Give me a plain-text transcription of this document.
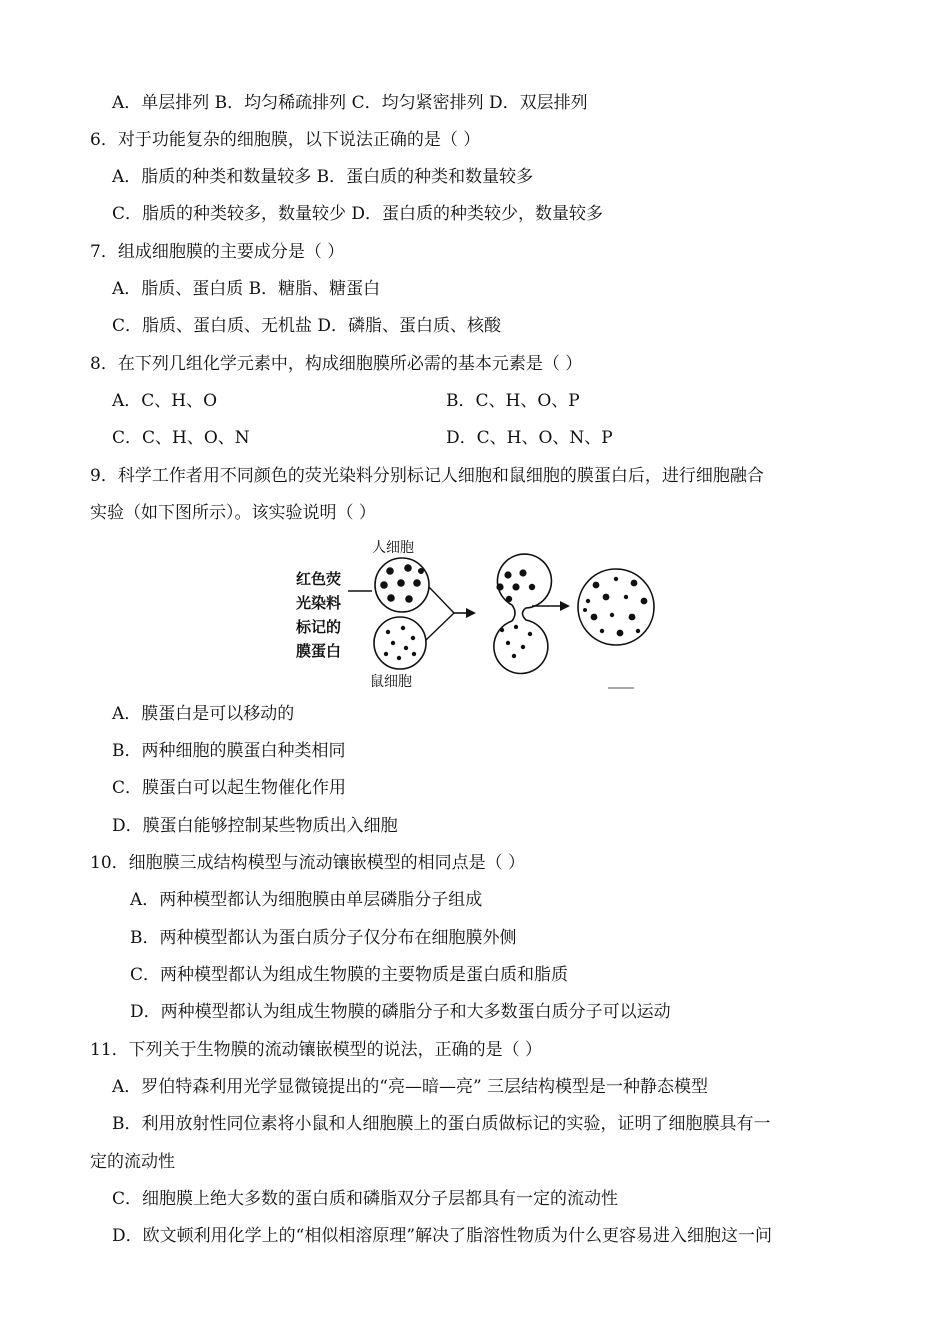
A．单层排列 B．均匀稀疏排列 C．均匀紧密排列 D．双层排列
6．对于功能复杂的细胞膜，以下说法正确的是（ ）
A．脂质的种类和数量较多 B．蛋白质的种类和数量较多
C．脂质的种类较多，数量较少 D．蛋白质的种类较少，数量较多
7．组成细胞膜的主要成分是（ ）
A．脂质、蛋白质 B．糖脂、糖蛋白
C．脂质、蛋白质、无机盐 D．磷脂、蛋白质、核酸
8．在下列几组化学元素中，构成细胞膜所必需的基本元素是（ ）
A．C、H、O	B．C、H、O、P
C．C、H、O、N	D．C、H、O、N、P
9．科学工作者用不同颜色的荧光染料分别标记人细胞和鼠细胞的膜蛋白后，进行细胞融合
实验（如下图所示）。该实验说明（ ）
人细胞
鼠细胞
红色荧
光染料
标记的
膜蛋白
A．膜蛋白是可以移动的
B．两种细胞的膜蛋白种类相同
C．膜蛋白可以起生物催化作用
D．膜蛋白能够控制某些物质出入细胞
10．细胞膜三成结构模型与流动镶嵌模型的相同点是（ ）
A．两种模型都认为细胞膜由单层磷脂分子组成
B．两种模型都认为蛋白质分子仅分布在细胞膜外侧
C．两种模型都认为组成生物膜的主要物质是蛋白质和脂质
D．两种模型都认为组成生物膜的磷脂分子和大多数蛋白质分子可以运动
11．下列关于生物膜的流动镶嵌模型的说法，正确的是（ ）
A．罗伯特森利用光学显微镜提出的“亮—暗—亮” 三层结构模型是一种静态模型
B．利用放射性同位素将小鼠和人细胞膜上的蛋白质做标记的实验，证明了细胞膜具有一
定的流动性
C．细胞膜上绝大多数的蛋白质和磷脂双分子层都具有一定的流动性
D．欧文顿利用化学上的“相似相溶原理”解决了脂溶性物质为什么更容易进入细胞这一问
